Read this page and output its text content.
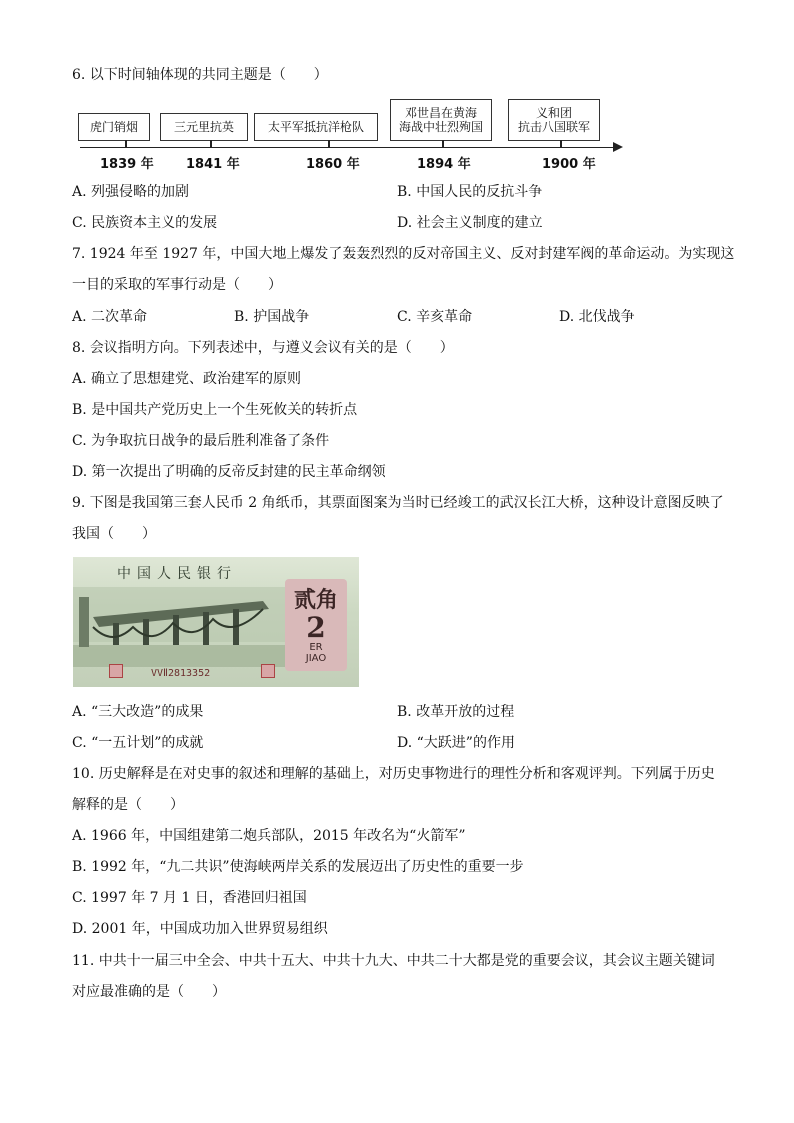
6. 以下时间轴体现的共同主题是（　　）
虎门销烟	三元里抗英	太平军抵抗洋枪队
邓世昌在黄海
海战中壮烈殉国
义和团
抗击八国联军
1839 年 1841 年	1860 年	1894 年	1900 年
A. 列强侵略的加剧	B. 中国人民的反抗斗争
C. 民族资本主义的发展	D. 社会主义制度的建立
7. 1924 年至 1927 年，中国大地上爆发了轰轰烈烈的反对帝国主义、反对封建军阀的革命运动。为实现这
一目的采取的军事行动是（　　）
A. 二次革命	B. 护国战争	C. 辛亥革命	D. 北伐战争
8. 会议指明方向。下列表述中，与遵义会议有关的是（　　）
A. 确立了思想建党、政治建军的原则
B. 是中国共产党历史上一个生死攸关的转折点
C. 为争取抗日战争的最后胜利准备了条件
D. 第一次提出了明确的反帝反封建的民主革命纲领
9. 下图是我国第三套人民币 2 角纸币，其票面图案为当时已经竣工的武汉长江大桥，这种设计意图反映了
我国（　　）
中国人民银行
贰角
2
ER
JIAO
VVⅡ2813352
A. “三大改造”的成果	B. 改革开放的过程
C. “一五计划”的成就	D. “大跃进”的作用
10. 历史解释是在对史事的叙述和理解的基础上，对历史事物进行的理性分析和客观评判。下列属于历史
解释的是（　　）
A. 1966 年，中国组建第二炮兵部队，2015 年改名为“火箭军”
B. 1992 年，“九二共识”使海峡两岸关系的发展迈出了历史性的重要一步
C. 1997 年 7 月 1 日，香港回归祖国
D. 2001 年，中国成功加入世界贸易组织
11. 中共十一届三中全会、中共十五大、中共十九大、中共二十大都是党的重要会议，其会议主题关键词
对应最准确的是（　　）
